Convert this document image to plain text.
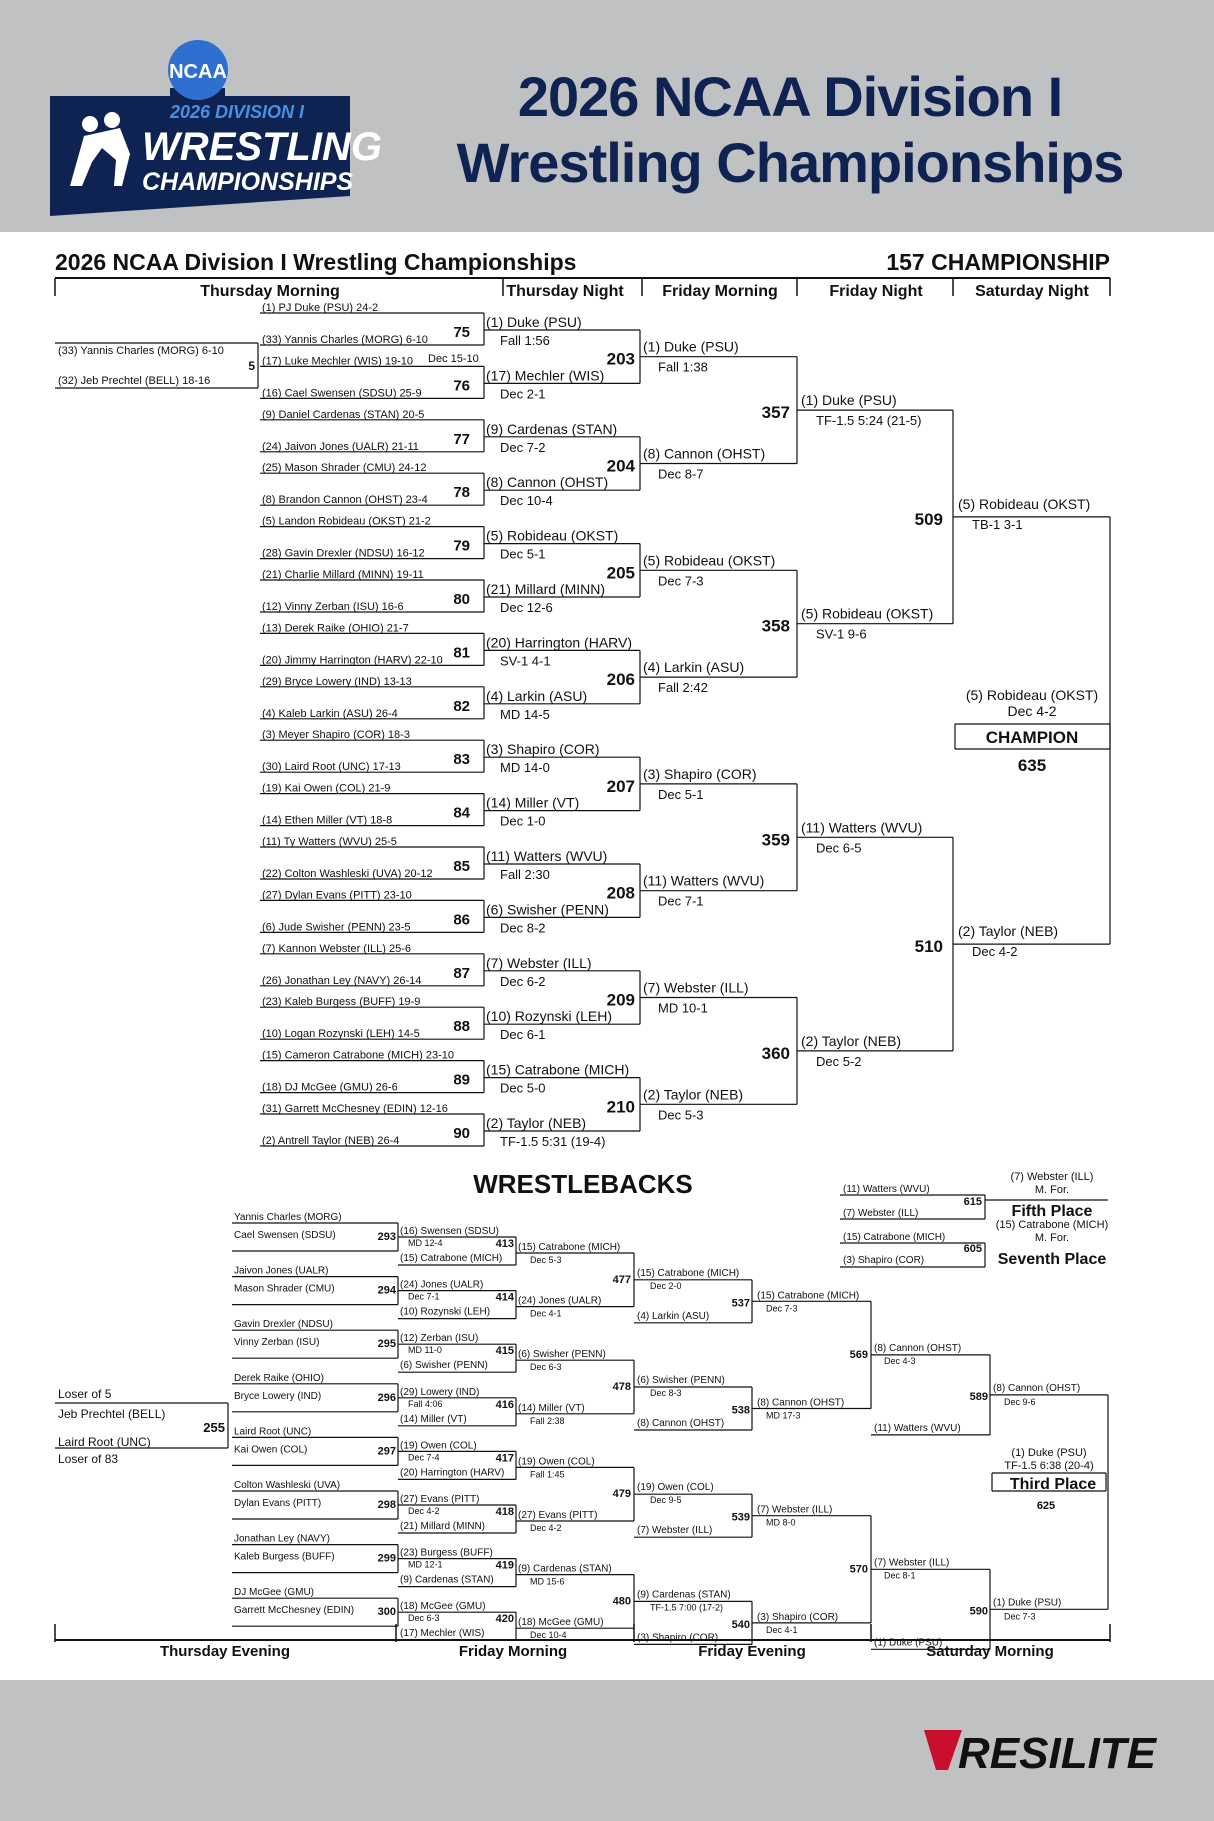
NCAA
2026 DIVISION I
WRESTLING
CHAMPIONSHIPS
2026 NCAA Division I
Wrestling Championships
2026 NCAA Division I Wrestling Championships	157 CHAMPIONSHIP
Thursday Morning	Thursday Night Friday Morning	Friday Night	Saturday Night
(33) Yannis Charles (MORG) 6-10
(32) Jeb Prechtel (BELL) 18-16
5
(1) PJ Duke (PSU) 24-2
(33) Yannis Charles (MORG) 6-10 75
(17) Luke Mechler (WIS) 19-10
(16) Cael Swensen (SDSU) 25-9 76
(9) Daniel Cardenas (STAN) 20-5
(24) Jaivon Jones (UALR) 21-11 77
(25) Mason Shrader (CMU) 24-12
(8) Brandon Cannon (OHST) 23-4 78
(5) Landon Robideau (OKST) 21-2
(28) Gavin Drexler (NDSU) 16-12 79
(21) Charlie Millard (MINN) 19-11
(12) Vinny Zerban (ISU) 16-6	80
(13) Derek Raike (OHIO) 21-7
(20) Jimmy Harrington (HARV) 22-10 81
(29) Bryce Lowery (IND) 13-13
(4) Kaleb Larkin (ASU) 26-4	82
(3) Meyer Shapiro (COR) 18-3
(30) Laird Root (UNC) 17-13	83
(19) Kai Owen (COL) 21-9
(14) Ethen Miller (VT) 18-8	84
(11) Ty Watters (WVU) 25-5
(22) Colton Washleski (UVA) 20-12 85
(27) Dylan Evans (PITT) 23-10
(6) Jude Swisher (PENN) 23-5	86
(7) Kannon Webster (ILL) 25-6
(26) Jonathan Ley (NAVY) 26-14 87
(23) Kaleb Burgess (BUFF) 19-9
(10) Logan Rozynski (LEH) 14-5 88
(15) Cameron Catrabone (MICH) 23-10
(18) DJ McGee (GMU) 26-6	89
(31) Garrett McChesney (EDIN) 12-16
(2) Antrell Taylor (NEB) 26-4	90
Dec 15-10
(1) Duke (PSU)
Fall 1:56
(17) Mechler (WIS)
Dec 2-1
203
(9) Cardenas (STAN)
Dec 7-2
(8) Cannon (OHST)
Dec 10-4
204
(5) Robideau (OKST)
Dec 5-1
(21) Millard (MINN)
Dec 12-6
205
(20) Harrington (HARV)
SV-1 4-1
(4) Larkin (ASU)
MD 14-5
206
(3) Shapiro (COR)
MD 14-0
(14) Miller (VT)
Dec 1-0
207
(11) Watters (WVU)
Fall 2:30
(6) Swisher (PENN)
Dec 8-2
208
(7) Webster (ILL)
Dec 6-2
(10) Rozynski (LEH)
Dec 6-1
209
(15) Catrabone (MICH)
Dec 5-0
(2) Taylor (NEB)
TF-1.5 5:31 (19-4)
210
(1) Duke (PSU)
Fall 1:38
(8) Cannon (OHST)
Dec 8-7
357
(5) Robideau (OKST)
Dec 7-3
(4) Larkin (ASU)
Fall 2:42
358
(3) Shapiro (COR)
Dec 5-1
(11) Watters (WVU)
Dec 7-1
359
(7) Webster (ILL)
MD 10-1
(2) Taylor (NEB)
Dec 5-3
360
(1) Duke (PSU)
TF-1.5 5:24 (21-5)
(5) Robideau (OKST)
SV-1 9-6
509
(11) Watters (WVU)
Dec 6-5
(2) Taylor (NEB)
Dec 5-2
510
(5) Robideau (OKST)
TB-1 3-1
(2) Taylor (NEB)
Dec 4-2
(5) Robideau (OKST)
Dec 4-2
CHAMPION
635
WRESTLEBACKS
Loser of 5
Jeb Prechtel (BELL)
Laird Root (UNC)
Loser of 83
255
Yannis Charles (MORG)
Cael Swensen (SDSU)	293
Jaivon Jones (UALR)
Mason Shrader (CMU)	294
Gavin Drexler (NDSU)
Vinny Zerban (ISU)	295
Derek Raike (OHIO)
Bryce Lowery (IND)	296
Laird Root (UNC)
Kai Owen (COL)	297
Colton Washleski (UVA)
Dylan Evans (PITT)	298
Jonathan Ley (NAVY)
Kaleb Burgess (BUFF)	299
DJ McGee (GMU)
Garrett McChesney (EDIN) 300
(16) Swensen (SDSU)
MD 12-4
(15) Catrabone (MICH)
413
(24) Jones (UALR)
Dec 7-1
(10) Rozynski (LEH)
414
(12) Zerban (ISU)
MD 11-0
(6) Swisher (PENN)
415
(29) Lowery (IND)
Fall 4:06
(14) Miller (VT)
416
(19) Owen (COL)
Dec 7-4
(20) Harrington (HARV)
417
(27) Evans (PITT)
Dec 4-2
(21) Millard (MINN)
418
(23) Burgess (BUFF)
MD 12-1
(9) Cardenas (STAN)
419
(18) McGee (GMU)
Dec 6-3
(17) Mechler (WIS)
420
(15) Catrabone (MICH)
Dec 5-3
(24) Jones (UALR)
Dec 4-1
477
(6) Swisher (PENN)
Dec 6-3
(14) Miller (VT)
Fall 2:38
478
(19) Owen (COL)
Fall 1:45
(27) Evans (PITT)
Dec 4-2
479
(9) Cardenas (STAN)
MD 15-6
(18) McGee (GMU)
Dec 10-4
480
(15) Catrabone (MICH)
Dec 2-0
(4) Larkin (ASU)
537
(6) Swisher (PENN)
Dec 8-3
(8) Cannon (OHST)
538
(19) Owen (COL)
Dec 9-5
(7) Webster (ILL)
539
(9) Cardenas (STAN)
TF-1.5 7:00 (17-2)
(3) Shapiro (COR)
540
(15) Catrabone (MICH)
Dec 7-3
(8) Cannon (OHST)
MD 17-3
569
(7) Webster (ILL)
MD 8-0
(3) Shapiro (COR)
Dec 4-1
570
(8) Cannon (OHST)
Dec 4-3
(11) Watters (WVU)
589
(7) Webster (ILL)
Dec 8-1
(1) Duke (PSU)
590
(8) Cannon (OHST)
Dec 9-6
(1) Duke (PSU)
Dec 7-3
(1) Duke (PSU)
TF-1.5 6:38 (20-4)
Third Place
625
(11) Watters (WVU)
(7) Webster (ILL)
615
(7) Webster (ILL)
M. For.
Fifth Place
(15) Catrabone (MICH)
(3) Shapiro (COR)
605
(15) Catrabone (MICH)
M. For.
Seventh Place
Thursday Evening	Friday Morning	Friday Evening	Saturday Morning
RESILITE
